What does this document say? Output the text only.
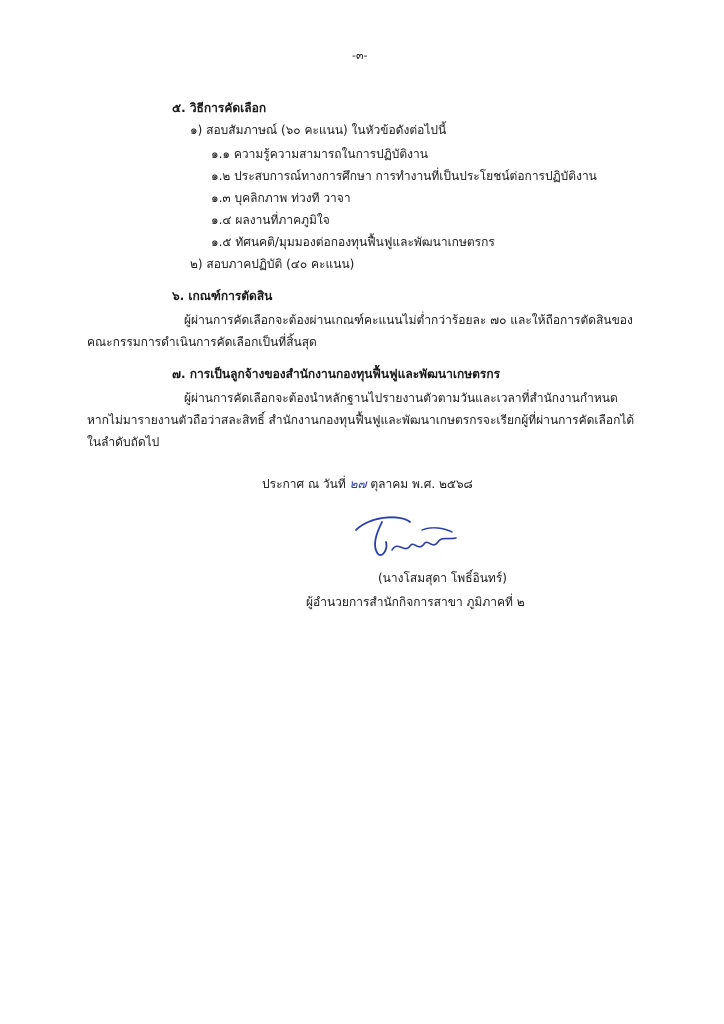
-๓-
๕. วิธีการคัดเลือก
๑) สอบสัมภาษณ์ (๖๐ คะแนน) ในหัวข้อดังต่อไปนี้
๑.๑ ความรู้ความสามารถในการปฏิบัติงาน
๑.๒ ประสบการณ์ทางการศึกษา การทำงานที่เป็นประโยชน์ต่อการปฏิบัติงาน
๑.๓ บุคลิกภาพ ท่วงที วาจา
๑.๔ ผลงานที่ภาคภูมิใจ
๑.๕ ทัศนคติ/มุมมองต่อกองทุนฟื้นฟูและพัฒนาเกษตรกร
๒) สอบภาคปฏิบัติ (๔๐ คะแนน)
๖. เกณฑ์การตัดสิน
ผู้ผ่านการคัดเลือกจะต้องผ่านเกณฑ์คะแนนไม่ต่ำกว่าร้อยละ ๗๐ และให้ถือการตัดสินของ
คณะกรรมการดำเนินการคัดเลือกเป็นที่สิ้นสุด
๗. การเป็นลูกจ้างของสำนักงานกองทุนฟื้นฟูและพัฒนาเกษตรกร
ผู้ผ่านการคัดเลือกจะต้องนำหลักฐานไปรายงานตัวตามวันและเวลาที่สำนักงานกำหนด
หากไม่มารายงานตัวถือว่าสละสิทธิ์ สำนักงานกองทุนฟื้นฟูและพัฒนาเกษตรกรจะเรียกผู้ที่ผ่านการคัดเลือกได้
ในลำดับถัดไป
ประกาศ ณ วันที่ ๒๗ ตุลาคม พ.ศ. ๒๕๖๘
(นางโสมสุดา โพธิ์อินทร์)
ผู้อำนวยการสำนักกิจการสาขา ภูมิภาคที่ ๒
